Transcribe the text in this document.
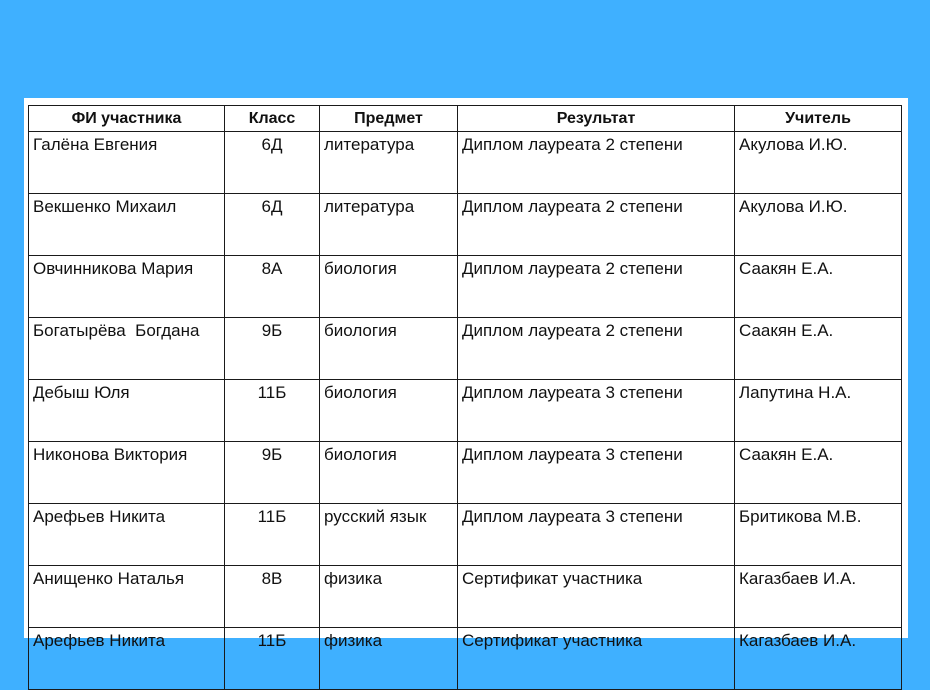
ФИ участника	Класс	Предмет	Результат	Учитель
Галёна Евгения	6Д	литература	Диплом лауреата 2 степени	Акулова И.Ю.
Векшенко Михаил	6Д	литература	Диплом лауреата 2 степени	Акулова И.Ю.
Овчинникова Мария	8А	биология	Диплом лауреата 2 степени	Саакян Е.А.
Богатырёва  Богдана	9Б	биология	Диплом лауреата 2 степени	Саакян Е.А.
Дебыш Юля	11Б	биология	Диплом лауреата 3 степени	Лапутина Н.А.
Никонова Виктория	9Б	биология	Диплом лауреата 3 степени	Саакян Е.А.
Арефьев Никита	11Б	русский язык	Диплом лауреата 3 степени	Бритикова М.В.
Анищенко Наталья	8В	физика	Сертификат участника	Кагазбаев И.А.
Арефьев Никита	11Б	физика	Сертификат участника	Кагазбаев И.А.
